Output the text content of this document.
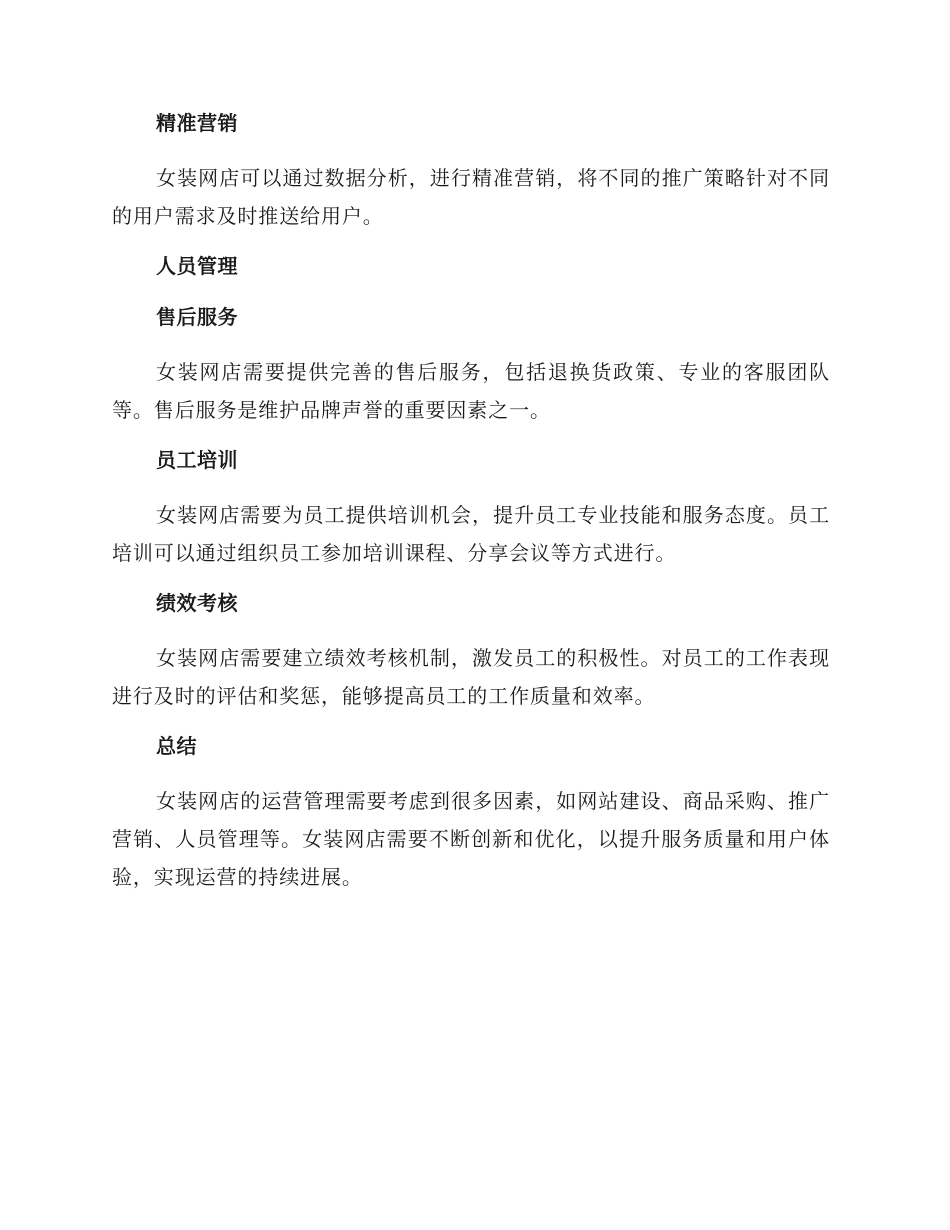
精准营销

女装网店可以通过数据分析，进行精准营销，将不同的推广策略针对不同的用户需求及时推送给用户。

人员管理
售后服务

女装网店需要提供完善的售后服务，包括退换货政策、专业的客服团队等。售后服务是维护品牌声誉的重要因素之一。

员工培训

女装网店需要为员工提供培训机会，提升员工专业技能和服务态度。员工培训可以通过组织员工参加培训课程、分享会议等方式进行。

绩效考核

女装网店需要建立绩效考核机制，激发员工的积极性。对员工的工作表现进行及时的评估和奖惩，能够提高员工的工作质量和效率。

总结

女装网店的运营管理需要考虑到很多因素，如网站建设、商品采购、推广营销、人员管理等。女装网店需要不断创新和优化，以提升服务质量和用户体验，实现运营的持续进展。
